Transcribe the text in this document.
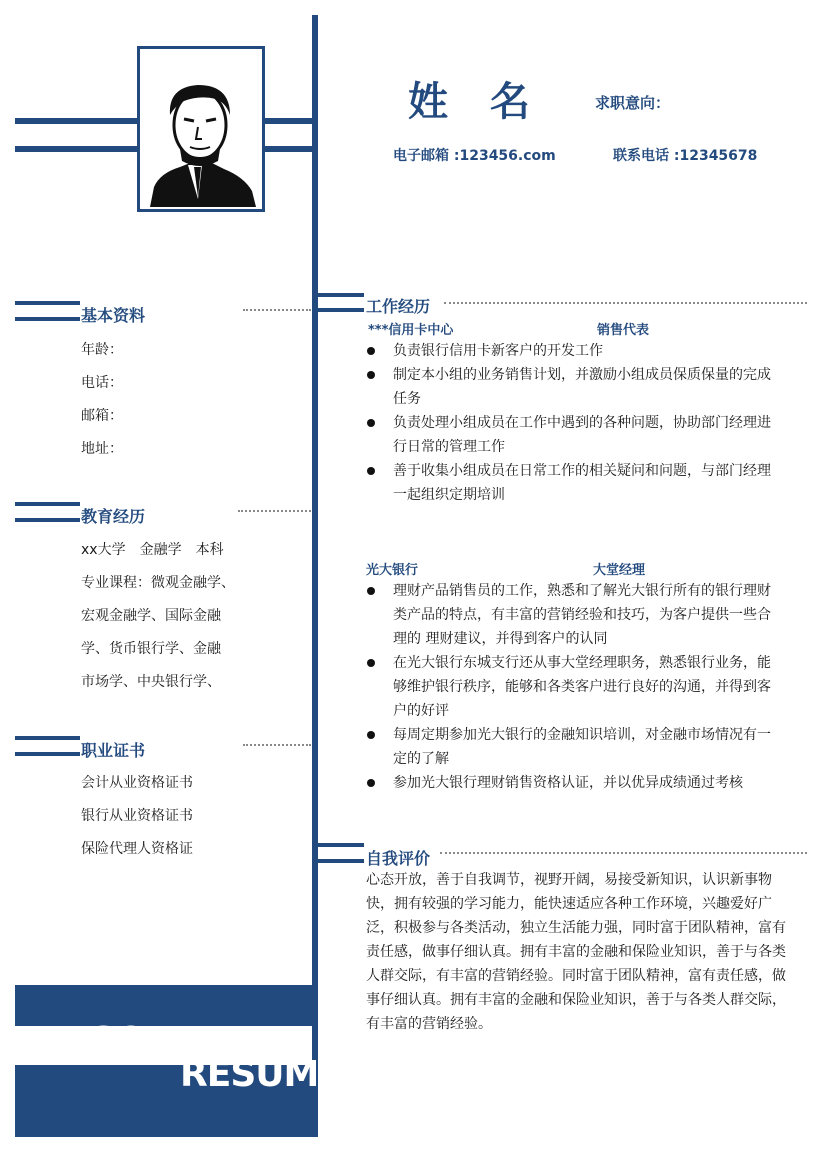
姓 名	求职意向：
电子邮箱 :123456.com	联系电话 :12345678
基本资料
年龄：
电话：
邮箱：
地址：
教育经历
xx大学　金融学　本科
专业课程：微观金融学、
宏观金融学、国际金融
学、货币银行学、金融
市场学、中央银行学、
职业证书
会计从业资格证书
银行从业资格证书
保险代理人资格证
工作经历
***信用卡中心	销售代表
负责银行信用卡新客户的开发工作
制定本小组的业务销售计划，并激励小组成员保质保量的完成任务
负责处理小组成员在工作中遇到的各种问题，协助部门经理进行日常的管理工作
善于收集小组成员在日常工作的相关疑问和问题，与部门经理一起组织定期培训
光大银行	大堂经理
理财产品销售员的工作，熟悉和了解光大银行所有的银行理财类产品的特点，有丰富的营销经验和技巧，为客户提供一些合理的 理财建议，并得到客户的认同
在光大银行东城支行还从事大堂经理职务，熟悉银行业务，能够维护银行秩序，能够和各类客户进行良好的沟通，并得到客户的好评
每周定期参加光大银行的金融知识培训，对金融市场情况有一定的了解
参加光大银行理财销售资格认证，并以优异成绩通过考核
自我评价
心态开放，善于自我调节，视野开阔，易接受新知识，认识新事物快，拥有较强的学习能力，能快速适应各种工作环境，兴趣爱好广泛，积极参与各类活动，独立生活能力强，同时富于团队精神，富有责任感，做事仔细认真。拥有丰富的金融和保险业知识，善于与各类人群交际，有丰富的营销经验。同时富于团队精神，富有责任感，做事仔细认真。拥有丰富的金融和保险业知识，善于与各类人群交际，有丰富的营销经验。
PERSONAL
RESUME
